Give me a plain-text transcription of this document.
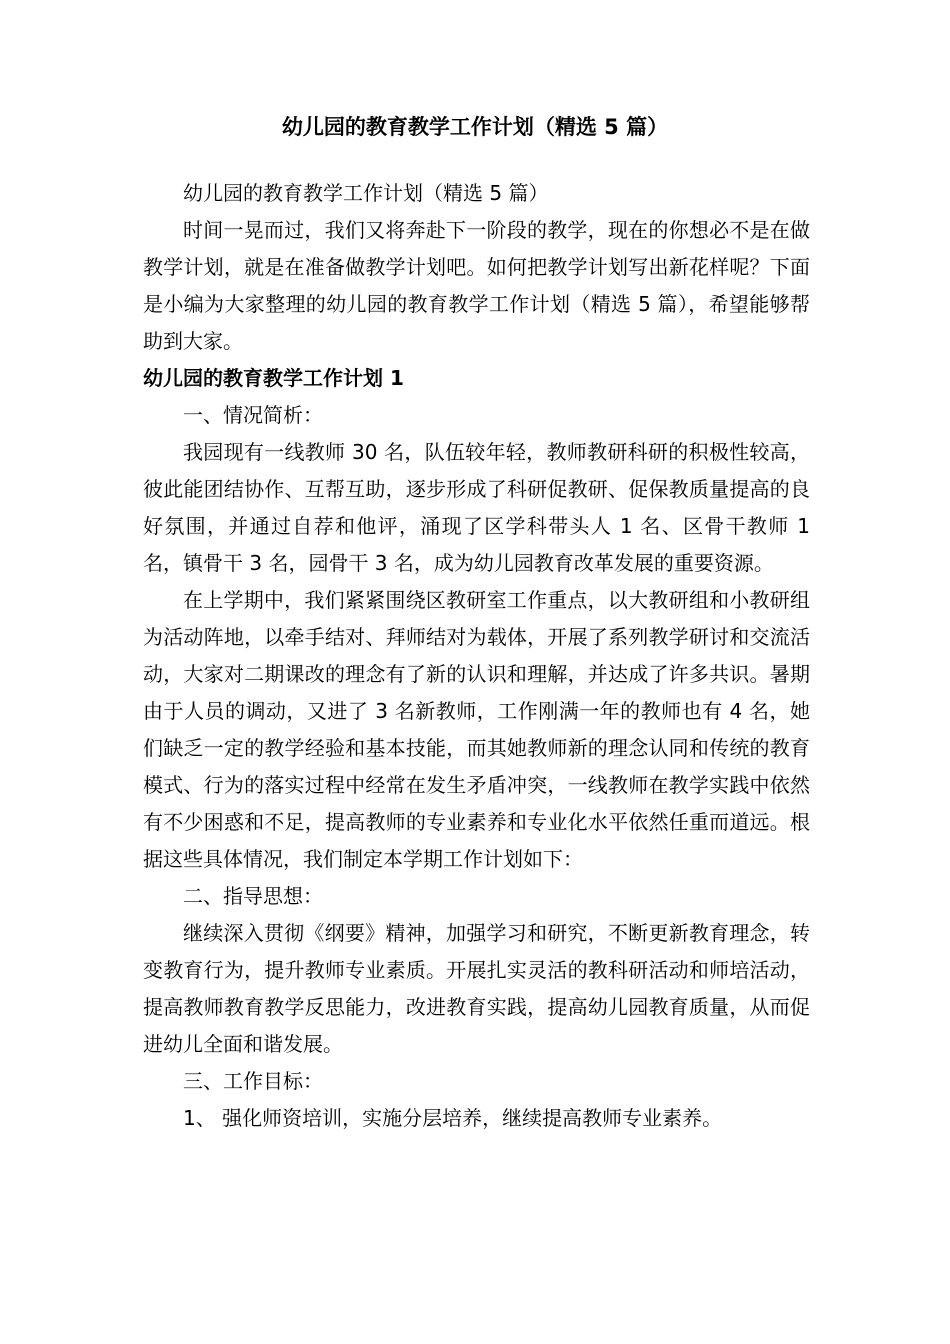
幼儿园的教育教学工作计划（精选 5 篇）

幼儿园的教育教学工作计划（精选 5 篇）

时间一晃而过，我们又将奔赴下一阶段的教学，现在的你想必不是在做教学计划，就是在准备做教学计划吧。如何把教学计划写出新花样呢？下面是小编为大家整理的幼儿园的教育教学工作计划（精选 5 篇），希望能够帮助到大家。

幼儿园的教育教学工作计划 1

一、情况简析：

我园现有一线教师 30 名，队伍较年轻，教师教研科研的积极性较高，彼此能团结协作、互帮互助，逐步形成了科研促教研、促保教质量提高的良好氛围，并通过自荐和他评，涌现了区学科带头人 1 名、区骨干教师 1 名，镇骨干 3 名，园骨干 3 名，成为幼儿园教育改革发展的重要资源。

在上学期中，我们紧紧围绕区教研室工作重点，以大教研组和小教研组为活动阵地，以牵手结对、拜师结对为载体，开展了系列教学研讨和交流活动，大家对二期课改的理念有了新的认识和理解，并达成了许多共识。暑期由于人员的调动，又进了 3 名新教师，工作刚满一年的教师也有 4 名，她们缺乏一定的教学经验和基本技能，而其她教师新的理念认同和传统的教育模式、行为的落实过程中经常在发生矛盾冲突，一线教师在教学实践中依然有不少困惑和不足，提高教师的专业素养和专业化水平依然任重而道远。根据这些具体情况，我们制定本学期工作计划如下：

二、指导思想：

继续深入贯彻《纲要》精神，加强学习和研究，不断更新教育理念，转变教育行为，提升教师专业素质。开展扎实灵活的教科研活动和师培活动，提高教师教育教学反思能力，改进教育实践，提高幼儿园教育质量，从而促进幼儿全面和谐发展。

三、工作目标：

1、 强化师资培训，实施分层培养，继续提高教师专业素养。
